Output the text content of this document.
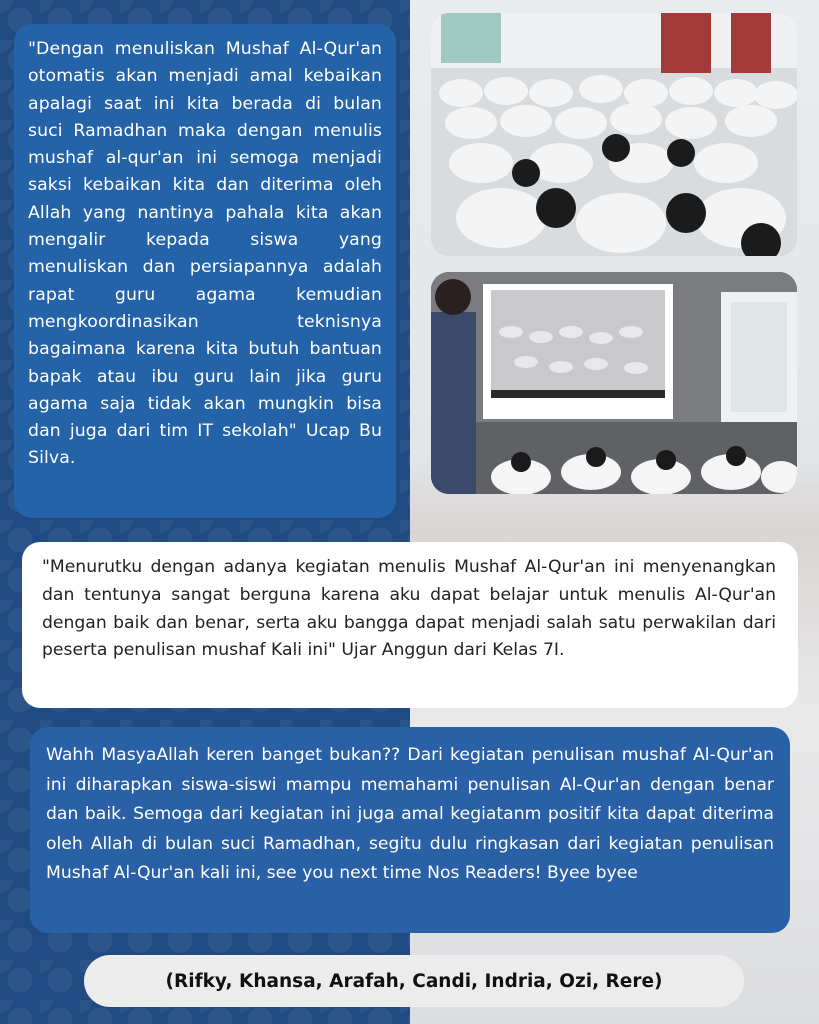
"Dengan menuliskan Mushaf Al-Qur'an otomatis akan menjadi amal kebaikan apalagi saat ini kita berada di bulan suci Ramadhan maka dengan menulis mushaf al-qur'an ini semoga menjadi saksi kebaikan kita dan diterima oleh Allah yang nantinya pahala kita akan mengalir kepada siswa yang menuliskan dan persiapannya adalah rapat guru agama kemudian mengkoordinasikan teknisnya bagaimana karena kita butuh bantuan bapak atau ibu guru lain jika guru agama saja tidak akan mungkin bisa dan juga dari tim IT sekolah" Ucap Bu Silva.

"Menurutku dengan adanya kegiatan menulis Mushaf Al-Qur'an ini menyenangkan dan tentunya sangat berguna karena aku dapat belajar untuk menulis Al-Qur'an dengan baik dan benar, serta aku bangga dapat menjadi salah satu perwakilan dari peserta penulisan mushaf Kali ini" Ujar Anggun dari Kelas 7I.

Wahh MasyaAllah keren banget bukan?? Dari kegiatan penulisan mushaf Al-Qur'an ini diharapkan siswa-siswi mampu memahami penulisan Al-Qur'an dengan benar dan baik. Semoga dari kegiatan ini juga amal kegiatanm positif kita dapat diterima oleh Allah di bulan suci Ramadhan, segitu dulu ringkasan dari kegiatan penulisan Mushaf Al-Qur'an kali ini, see you next time Nos Readers! Byee byee

(Rifky, Khansa, Arafah, Candi, Indria, Ozi, Rere)
